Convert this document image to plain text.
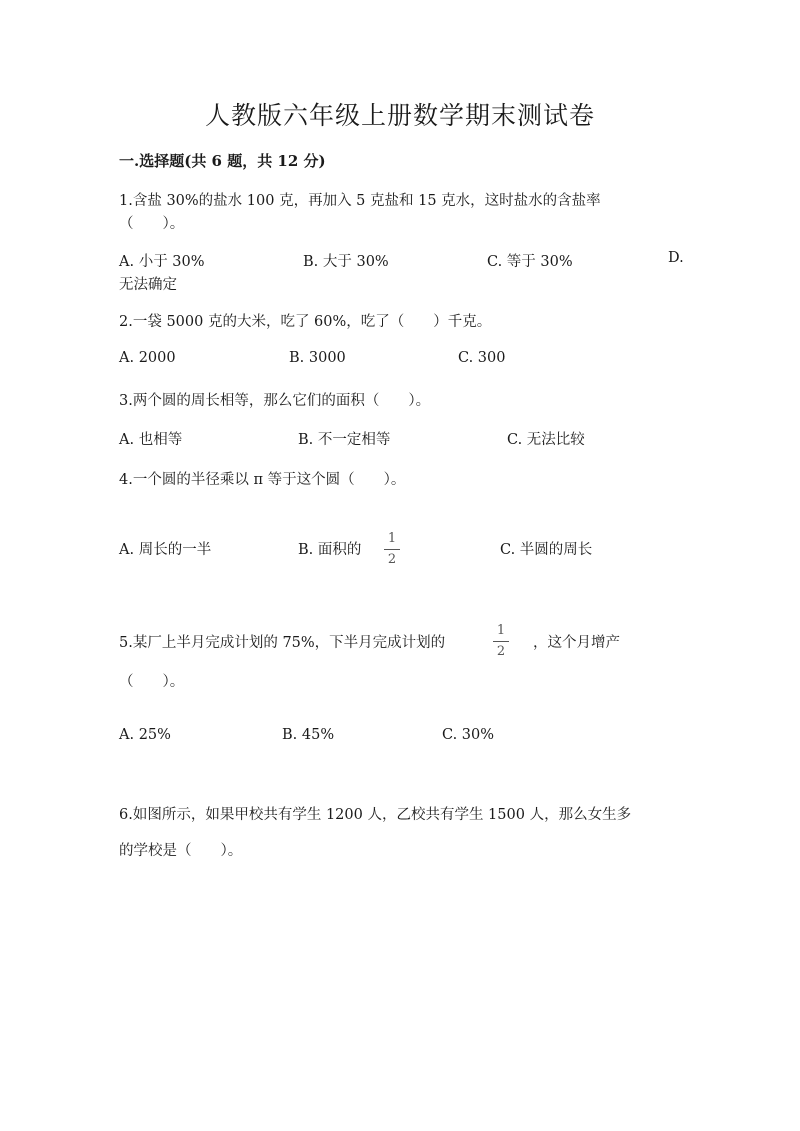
人教版六年级上册数学期末测试卷
一.选择题(共 6 题，共 12 分)
1.含盐 30%的盐水 100 克，再加入 5 克盐和 15 克水，这时盐水的含盐率
（　　）。
A. 小于 30%	B. 大于 30%	C. 等于 30%	D.
无法确定
2.一袋 5000 克的大米，吃了 60%，吃了（　　）千克。
A. 2000	B. 3000	C. 300
3.两个圆的周长相等，那么它们的面积（　　）。
A. 也相等	B. 不一定相等	C. 无法比较
4.一个圆的半径乘以 π 等于这个圆（　　）。
A. 周长的一半	B. 面积的
1
2
C. 半圆的周长
5.某厂上半月完成计划的 75%，下半月完成计划的
1
2
，这个月增产
（　　）。
A. 25%	B. 45%	C. 30%
6.如图所示，如果甲校共有学生 1200 人，乙校共有学生 1500 人，那么女生多
的学校是（　　）。
